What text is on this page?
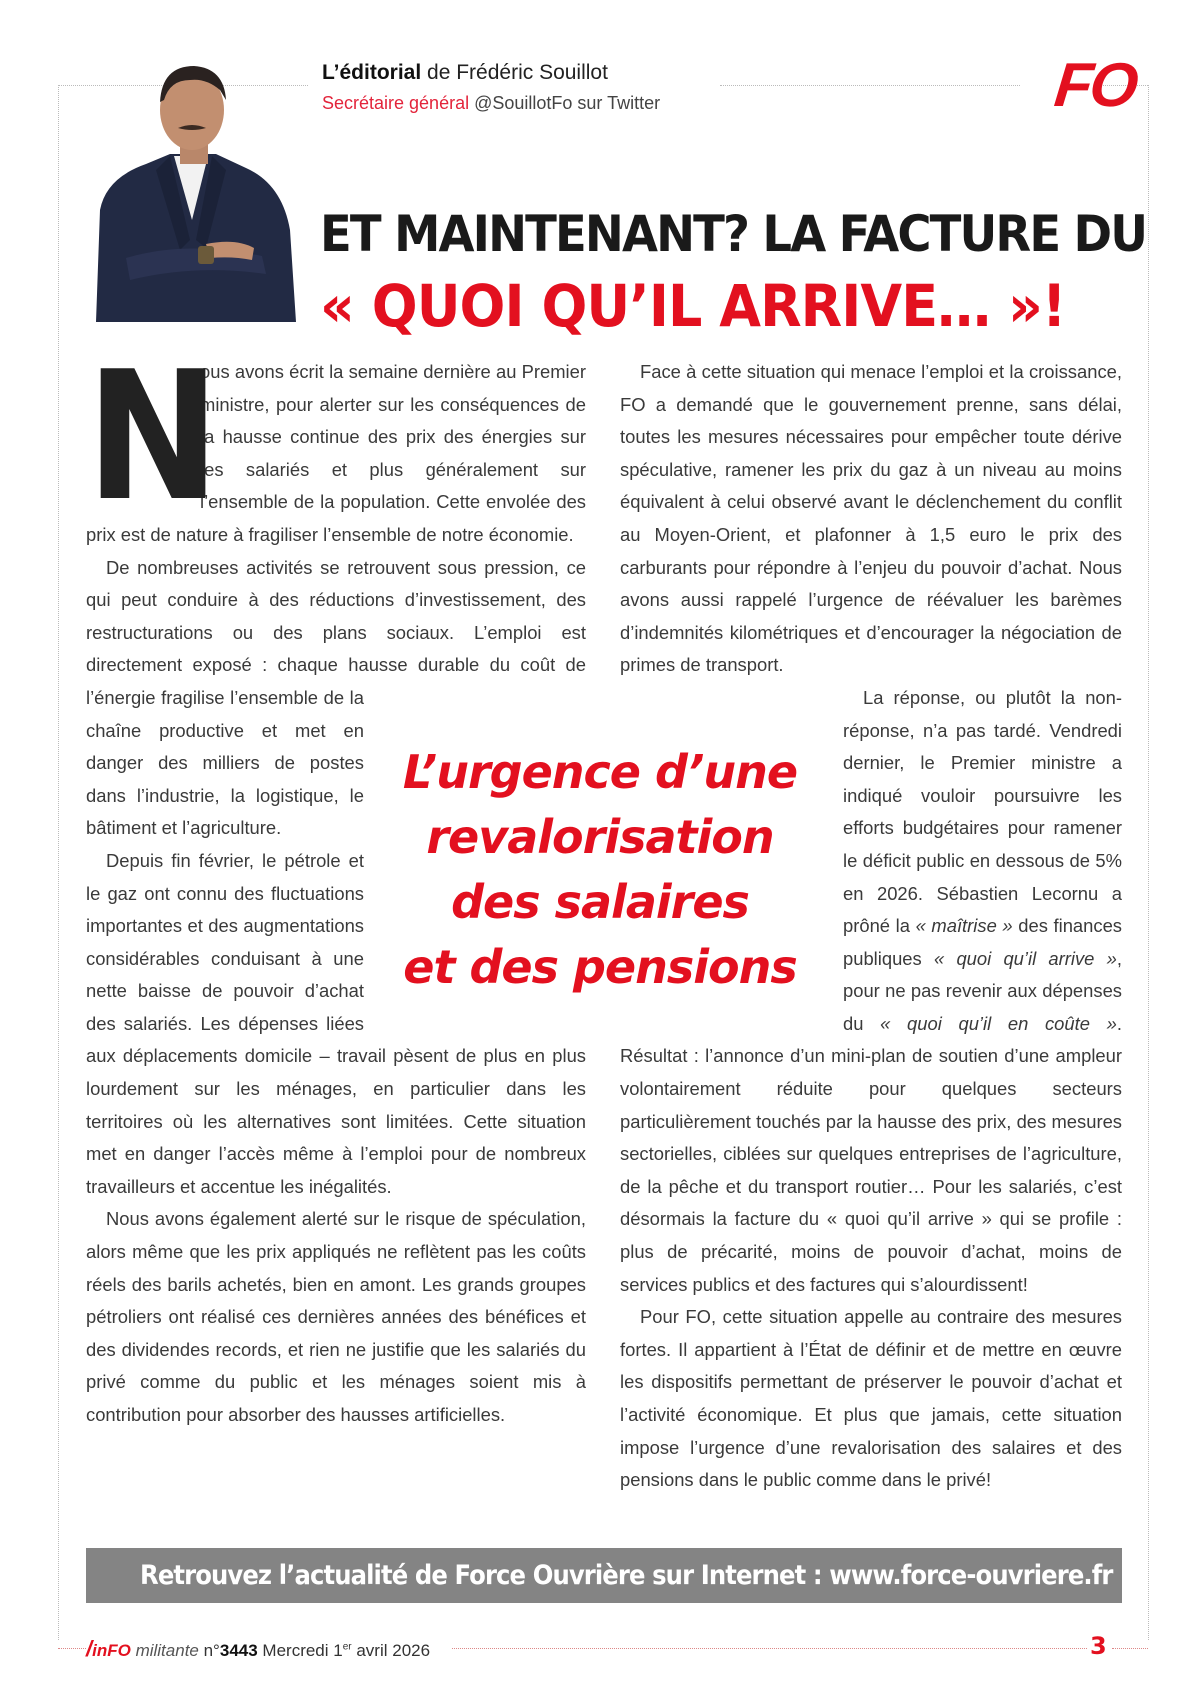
L’éditorial de Frédéric Souillot
Secrétaire général @SouillotFo sur Twitter	FO
ET MAINTENANT? LA FACTURE DU
« QUOI QU’IL ARRIVE… »!
N

ous avons écrit la semaine dernière au Premier ministre, pour alerter sur les conséquences de la hausse continue des prix des énergies sur les salariés et plus généralement sur l’ensemble de la population. Cette envolée des prix est de nature à fragiliser l’ensemble de notre économie.

De nombreuses activités se retrouvent sous pression, ce qui peut conduire à des réductions d’investissement, des restructurations ou des plans sociaux. L’emploi est directement exposé : chaque hausse durable du coût de l’énergie fragilise l’ensemble de la chaîne productive et met en danger des milliers de postes dans l’industrie, la logistique, le bâtiment et l’agriculture.

Depuis fin février, le pétrole et le gaz ont connu des fluctuations importantes et des augmentations considérables conduisant à une nette baisse de pouvoir d’achat des salariés. Les dépenses liées aux déplacements domicile – travail pèsent de plus en plus lourdement sur les ménages, en particulier dans les territoires où les alternatives sont limitées. Cette situation met en danger l’accès même à l’emploi pour de nombreux travailleurs et accentue les inégalités.

Nous avons également alerté sur le risque de spéculation, alors même que les prix appliqués ne reflètent pas les coûts réels des barils achetés, bien en amont. Les grands groupes pétroliers ont réalisé ces dernières années des bénéfices et des dividendes records, et rien ne justifie que les salariés du privé comme du public et les ménages soient mis à contribution pour absorber des hausses artificielles.

Face à cette situation qui menace l’emploi et la croissance, FO a demandé que le gouvernement prenne, sans délai, toutes les mesures nécessaires pour empêcher toute dérive spéculative, ramener les prix du gaz à un niveau au moins équivalent à celui observé avant le déclenchement du conflit au Moyen-Orient, et plafonner à 1,5 euro le prix des carburants pour répondre à l’enjeu du pouvoir d’achat. Nous avons aussi rappelé l’urgence de réévaluer les barèmes d’indemnités kilométriques et d’encourager la négociation de primes de transport.

La réponse, ou plutôt la non-réponse, n’a pas tardé. Vendredi dernier, le Premier ministre a indiqué vouloir poursuivre les efforts budgétaires pour ramener le déficit public en dessous de 5% en 2026. Sébastien Lecornu a prôné la « maîtrise » des finances publiques « quoi qu’il arrive », pour ne pas revenir aux dépenses du « quoi qu’il en coûte ». Résultat : l’annonce d’un mini-plan de soutien d’une ampleur volontairement réduite pour quelques secteurs particulièrement touchés par la hausse des prix, des mesures sectorielles, ciblées sur quelques entreprises de l’agriculture, de la pêche et du transport routier… Pour les salariés, c’est désormais la facture du « quoi qu’il arrive » qui se profile : plus de précarité, moins de pouvoir d’achat, moins de services publics et des factures qui s’alourdissent!

Pour FO, cette situation appelle au contraire des mesures fortes. Il appartient à l’État de définir et de mettre en œuvre les dispositifs permettant de préserver le pouvoir d’achat et l’activité économique. Et plus que jamais, cette situation impose l’urgence d’une revalorisation des salaires et des pensions dans le public comme dans le privé!

L’urgence d’une
revalorisation
des salaires
et des pensions
Retrouvez l’actualité de Force Ouvrière sur Internet : www.force-ouvriere.fr
/inFO militante n°3443 Mercredi 1er avril 2026	3
